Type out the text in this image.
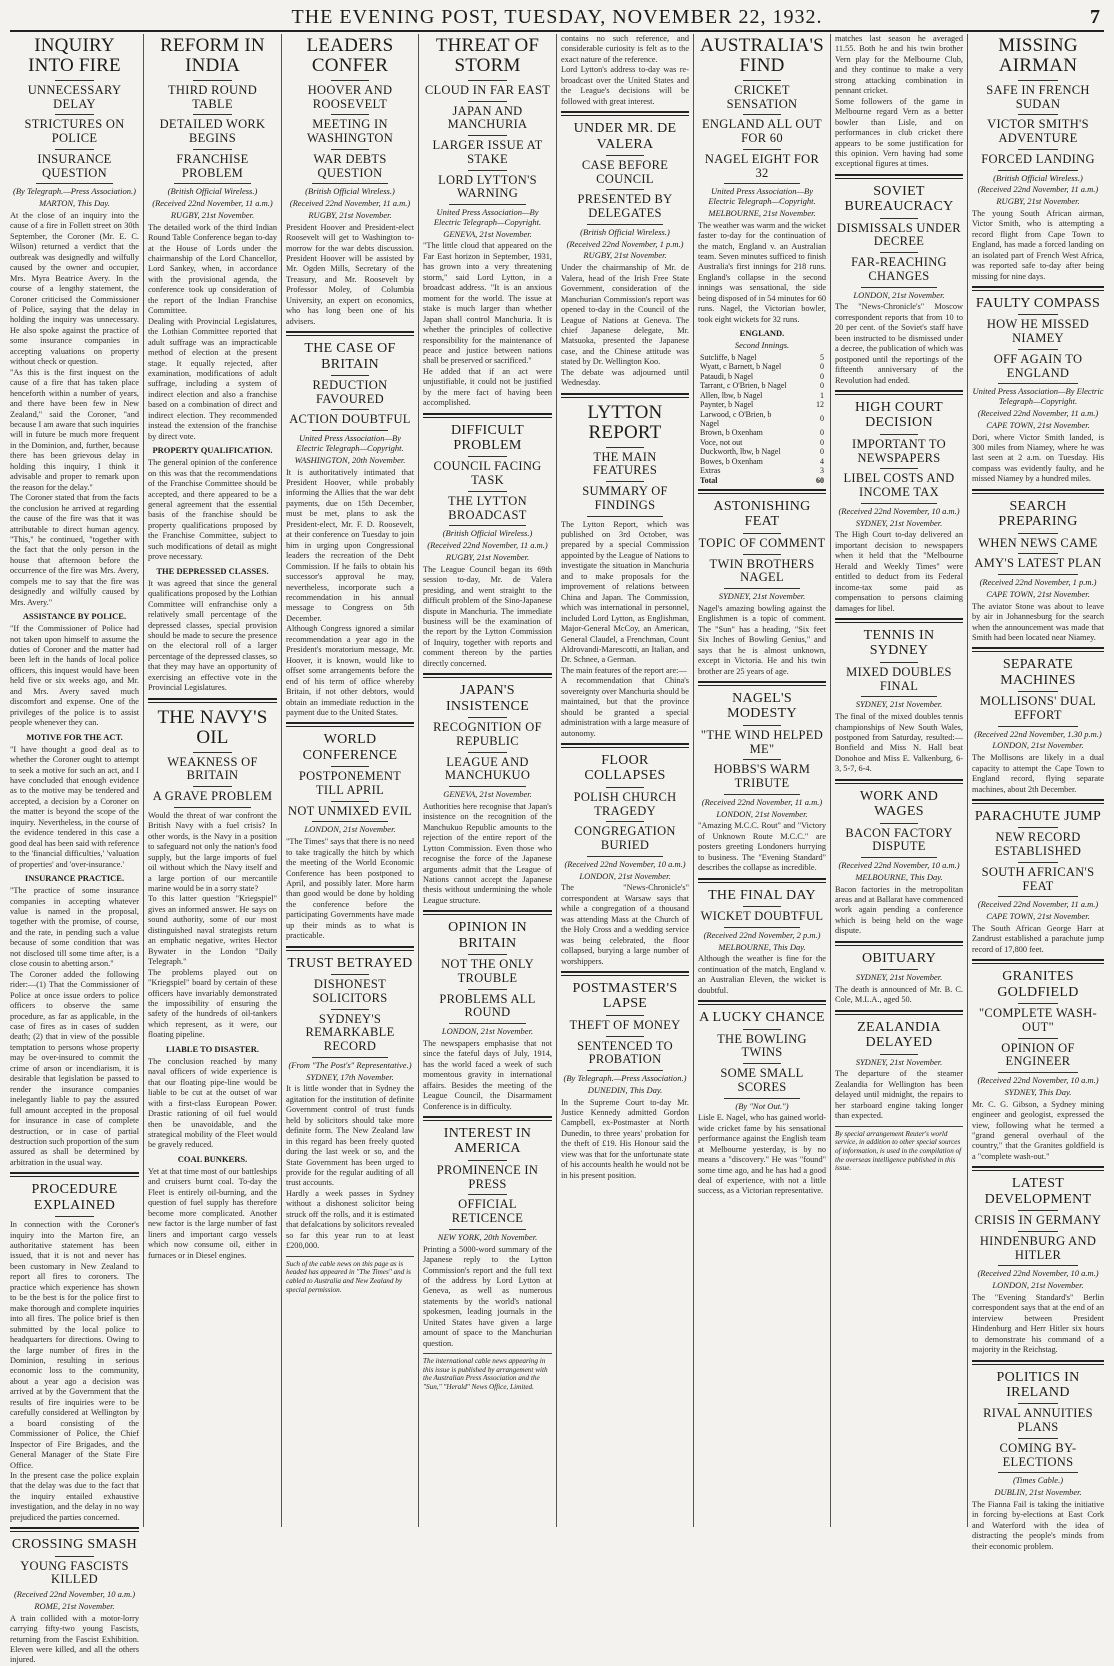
THE EVENING POST, TUESDAY, NOVEMBER 22, 1932.	7
INQUIRY INTO FIRE
UNNECESSARY DELAY
STRICTURES ON POLICE
INSURANCE QUESTION
(By Telegraph.—Press Association.)
MARTON, This Day.

At the close of an inquiry into the cause of a fire in Follett street on 30th September, the Coroner (Mr. E. C. Wilson) returned a verdict that the outbreak was designedly and wilfully caused by the owner and occupier, Mrs. Myra Beatrice Avery. In the course of a lengthy statement, the Coroner criticised the Commissioner of Police, saying that the delay in holding the inquiry was unnecessary. He also spoke against the practice of some insurance companies in accepting valuations on property without check or question.

"As this is the first inquest on the cause of a fire that has taken place henceforth within a number of years, and there have been few in New Zealand," said the Coroner, "and because I am aware that such inquiries will in future be much more frequent in the Dominion, and, further, because there has been grievous delay in holding this inquiry, I think it advisable and proper to remark upon the reason for the delay."

The Coroner stated that from the facts the conclusion he arrived at regarding the cause of the fire was that it was attributable to direct human agency. "This," he continued, "together with the fact that the only person in the house that afternoon before the occurrence of the fire was Mrs. Avery, compels me to say that the fire was designedly and wilfully caused by Mrs. Avery."

ASSISTANCE BY POLICE.

"If the Commissioner of Police had not taken upon himself to assume the duties of Coroner and the matter had been left in the hands of local police officers, this inquest would have been held five or six weeks ago, and Mr. and Mrs. Avery saved much discomfort and expense. One of the privileges of the police is to assist people whenever they can.

MOTIVE FOR THE ACT.

"I have thought a good deal as to whether the Coroner ought to attempt to seek a motive for such an act, and I have concluded that enough evidence as to the motive may be tendered and accepted, a decision by a Coroner on the matter is beyond the scope of the inquiry. Nevertheless, in the course of the evidence tendered in this case a good deal has been said with reference to the 'financial difficulties,' 'valuation of properties' and 'over-insurance.'

INSURANCE PRACTICE.

"The practice of some insurance companies in accepting whatever value is named in the proposal, together with the promise, of course, and the rate, in pending such a value because of some condition that was not disclosed till some time after, is a close cousin to abetting arson."

The Coroner added the following rider:—(1) That the Commissioner of Police at once issue orders to police officers to observe the same procedure, as far as applicable, in the case of fires as in cases of sudden death; (2) that in view of the possible temptation to persons whose property may be over-insured to commit the crime of arson or incendiarism, it is desirable that legislation be passed to render the insurance companies inelegantly liable to pay the assured full amount accepted in the proposal for insurance in case of complete destruction, or in case of partial destruction such proportion of the sum assured as shall be determined by arbitration in the usual way.

PROCEDURE EXPLAINED

In connection with the Coroner's inquiry into the Marton fire, an authoritative statement has been issued, that it is not and never has been customary in New Zealand to report all fires to coroners. The practice which experience has shown to be the best is for the police first to make thorough and complete inquiries into all fires. The police brief is then submitted by the local police to headquarters for directions. Owing to the large number of fires in the Dominion, resulting in serious economic loss to the community, about a year ago a decision was arrived at by the Government that the results of fire inquiries were to be carefully considered at Wellington by a board consisting of the Commissioner of Police, the Chief Inspector of Fire Brigades, and the General Manager of the State Fire Office.

In the present case the police explain that the delay was due to the fact that the inquiry entailed exhaustive investigation, and the delay in no way prejudiced the parties concerned.

CROSSING SMASH
YOUNG FASCISTS KILLED
(Received 22nd November, 10 a.m.)
ROME, 21st November.

A train collided with a motor-lorry carrying fifty-two young Fascists, returning from the Fascist Exhibition. Eleven were killed, and all the others injured.

REFORM IN INDIA
THIRD ROUND TABLE
DETAILED WORK BEGINS
FRANCHISE PROBLEM
(British Official Wireless.)
(Received 22nd November, 11 a.m.)
RUGBY, 21st November.

The detailed work of the third Indian Round Table Conference began to-day at the House of Lords under the chairmanship of the Lord Chancellor, Lord Sankey, when, in accordance with the provisional agenda, the conference took up consideration of the report of the Indian Franchise Committee.

Dealing with Provincial Legislatures, the Lothian Committee reported that adult suffrage was an impracticable method of election at the present stage. It equally rejected, after examination, modifications of adult suffrage, including a system of indirect election and also a franchise based on a combination of direct and indirect election. They recommended instead the extension of the franchise by direct vote.

PROPERTY QUALIFICATION.

The general opinion of the conference on this was that the recommendations of the Franchise Committee should be accepted, and there appeared to be a general agreement that the essential basis of the franchise should be property qualifications proposed by the Franchise Committee, subject to such modifications of detail as might prove necessary.

THE DEPRESSED CLASSES.

It was agreed that since the general qualifications proposed by the Lothian Committee will enfranchise only a relatively small percentage of the depressed classes, special provision should be made to secure the presence on the electoral roll of a larger percentage of the depressed classes, so that they may have an opportunity of exercising an effective vote in the Provincial Legislatures.

THE NAVY'S OIL
WEAKNESS OF BRITAIN
A GRAVE PROBLEM

Would the threat of war confront the British Navy with a fuel crisis? In other words, is the Navy in a position to safeguard not only the nation's food supply, but the large imports of fuel oil without which the Navy itself and a large portion of our mercantile marine would be in a sorry state?

To this latter question "Kriegspiel" gives an informed answer. He says on sound authority, some of our most distinguished naval strategists return an emphatic negative, writes Hector Bywater in the London "Daily Telegraph."

The problems played out on "Kriegspiel" board by certain of these officers have invariably demonstrated the impossibility of ensuring the safety of the hundreds of oil-tankers which represent, as it were, our floating pipeline.

LIABLE TO DISASTER.

The conclusion reached by many naval officers of wide experience is that our floating pipe-line would be liable to be cut at the outset of war with a first-class European Power. Drastic rationing of oil fuel would then be unavoidable, and the strategical mobility of the Fleet would be gravely reduced.

COAL BUNKERS.

Yet at that time most of our battleships and cruisers burnt coal. To-day the Fleet is entirely oil-burning, and the question of fuel supply has therefore become more complicated. Another new factor is the large number of fast liners and important cargo vessels which now consume oil, either in furnaces or in Diesel engines.

LEADERS CONFER
HOOVER AND ROOSEVELT
MEETING IN WASHINGTON
WAR DEBTS QUESTION
(British Official Wireless.)
(Received 22nd November, 11 a.m.)
RUGBY, 21st November.

President Hoover and President-elect Roosevelt will get to Washington to-morrow for the war debts discussion. President Hoover will be assisted by Mr. Ogden Mills, Secretary of the Treasury, and Mr. Roosevelt by Professor Moley, of Columbia University, an expert on economics, who has long been one of his advisers.

THE CASE OF BRITAIN
REDUCTION FAVOURED
ACTION DOUBTFUL
United Press Association—By Electric Telegraph—Copyright.
WASHINGTON, 20th November.

It is authoritatively intimated that President Hoover, while probably informing the Allies that the war debt payments, due on 15th December, must be met, plans to ask the President-elect, Mr. F. D. Roosevelt, at their conference on Tuesday to join him in urging upon Congressional leaders the recreation of the Debt Commission. If he fails to obtain his successor's approval he may, nevertheless, incorporate such a recommendation in his annual message to Congress on 5th December.

Although Congress ignored a similar recommendation a year ago in the President's moratorium message, Mr. Hoover, it is known, would like to offset some arrangements before the end of his term of office whereby Britain, if not other debtors, would obtain an immediate reduction in the payment due to the United States.

WORLD CONFERENCE
POSTPONEMENT TILL APRIL
NOT UNMIXED EVIL
LONDON, 21st November.

"The Times" says that there is no need to take tragically the hitch by which the meeting of the World Economic Conference has been postponed to April, and possibly later. More harm than good would be done by holding the conference before the participating Governments have made up their minds as to what is practicable.

TRUST BETRAYED
DISHONEST SOLICITORS
SYDNEY'S REMARKABLE RECORD
(From "The Post's" Representative.)
SYDNEY, 17th November.

It is little wonder that in Sydney the agitation for the institution of definite Government control of trust funds held by solicitors should take more definite form. The New Zealand law in this regard has been freely quoted during the last week or so, and the State Government has been urged to provide for the regular auditing of all trust accounts.

Hardly a week passes in Sydney without a dishonest solicitor being struck off the rolls, and it is estimated that defalcations by solicitors revealed so far this year run to at least £200,000.

Such of the cable news on this page as is headed has appeared in "The Times" and is cabled to Australia and New Zealand by special permission.
THREAT OF STORM
CLOUD IN FAR EAST
JAPAN AND MANCHURIA
LARGER ISSUE AT STAKE
LORD LYTTON'S WARNING
United Press Association—By Electric Telegraph—Copyright.
GENEVA, 21st November.

"The little cloud that appeared on the Far East horizon in September, 1931, has grown into a very threatening storm," said Lord Lytton, in a broadcast address. "It is an anxious moment for the world. The issue at stake is much larger than whether Japan shall control Manchuria. It is whether the principles of collective responsibility for the maintenance of peace and justice between nations shall be preserved or sacrificed."

He added that if an act were unjustifiable, it could not be justified by the mere fact of having been accomplished.

DIFFICULT PROBLEM
COUNCIL FACING TASK
THE LYTTON BROADCAST
(British Official Wireless.)
(Received 22nd November, 11 a.m.)
RUGBY, 21st November.

The League Council began its 69th session to-day, Mr. de Valera presiding, and went straight to the difficult problem of the Sino-Japanese dispute in Manchuria. The immediate business will be the examination of the report by the Lytton Commission of Inquiry, together with reports and comment thereon by the parties directly concerned.

JAPAN'S INSISTENCE
RECOGNITION OF REPUBLIC
LEAGUE AND MANCHUKUO
GENEVA, 21st November.

Authorities here recognise that Japan's insistence on the recognition of the Manchukuo Republic amounts to the rejection of the entire report of the Lytton Commission. Even those who recognise the force of the Japanese arguments admit that the League of Nations cannot accept the Japanese thesis without undermining the whole League structure.

OPINION IN BRITAIN
NOT THE ONLY TROUBLE
PROBLEMS ALL ROUND
LONDON, 21st November.

The newspapers emphasise that not since the fateful days of July, 1914, has the world faced a week of such momentous gravity in international affairs. Besides the meeting of the League Council, the Disarmament Conference is in difficulty.

INTEREST IN AMERICA
PROMINENCE IN PRESS
OFFICIAL RETICENCE
NEW YORK, 20th November.

Printing a 5000-word summary of the Japanese reply to the Lytton Commission's report and the full text of the address by Lord Lytton at Geneva, as well as numerous statements by the world's national spokesmen, leading journals in the United States have given a large amount of space to the Manchurian question.

The international cable news appearing in this issue is published by arrangement with the Australian Press Association and the "Sun," "Herald" News Office, Limited.

contains no such reference, and considerable curiosity is felt as to the exact nature of the reference.

Lord Lytton's address to-day was re-broadcast over the United States and the League's decisions will be followed with great interest.

UNDER MR. DE VALERA
CASE BEFORE COUNCIL
PRESENTED BY DELEGATES
(British Official Wireless.)
(Received 22nd November, 1 p.m.)
RUGBY, 21st November.

Under the chairmanship of Mr. de Valera, head of the Irish Free State Government, consideration of the Manchurian Commission's report was opened to-day in the Council of the League of Nations at Geneva. The chief Japanese delegate, Mr. Matsuoka, presented the Japanese case, and the Chinese attitude was stated by Dr. Wellington Koo.

The debate was adjourned until Wednesday.

LYTTON REPORT
THE MAIN FEATURES
SUMMARY OF FINDINGS

The Lytton Report, which was published on 3rd October, was prepared by a special Commission appointed by the League of Nations to investigate the situation in Manchuria and to make proposals for the improvement of relations between China and Japan. The Commission, which was international in personnel, included Lord Lytton, as Englishman, Major-General McCoy, an American, General Claudel, a Frenchman, Count Aldrovandi-Marescotti, an Italian, and Dr. Schnee, a German.

The main features of the report are:—

A recommendation that China's sovereignty over Manchuria should be maintained, but that the province should be granted a special administration with a large measure of autonomy.

FLOOR COLLAPSES
POLISH CHURCH TRAGEDY
CONGREGATION BURIED
(Received 22nd November, 10 a.m.)
LONDON, 21st November.

The "News-Chronicle's" correspondent at Warsaw says that while a congregation of a thousand was attending Mass at the Church of the Holy Cross and a wedding service was being celebrated, the floor collapsed, burying a large number of worshippers.

POSTMASTER'S LAPSE
THEFT OF MONEY
SENTENCED TO PROBATION
(By Telegraph.—Press Association.)
DUNEDIN, This Day.

In the Supreme Court to-day Mr. Justice Kennedy admitted Gordon Campbell, ex-Postmaster at North Dunedin, to three years' probation for the theft of £19. His Honour said the view was that for the unfortunate state of his accounts health he would not be in his present position.

AUSTRALIA'S FIND
CRICKET SENSATION
ENGLAND ALL OUT FOR 60
NAGEL EIGHT FOR 32
United Press Association—By Electric Telegraph—Copyright.
MELBOURNE, 21st November.

The weather was warm and the wicket faster to-day for the continuation of the match, England v. an Australian team. Seven minutes sufficed to finish Australia's first innings for 218 runs. England's collapse in the second innings was sensational, the side being disposed of in 54 minutes for 60 runs. Nagel, the Victorian bowler, took eight wickets for 32 runs.

ENGLAND.
Second Innings.
Sutcliffe, b Nagel	5
Wyatt, c Barnett, b Nagel	0
Pataudi, b Nagel	0
Tarrant, c O'Brien, b Nagel	0
Allen, lbw, b Nagel	1
Paynter, b Nagel	12
Larwood, c O'Brien, b Nagel	0
Brown, b Oxenham	0
Voce, not out	0
Duckworth, lbw, b Nagel	0
Bowes, b Oxenham	4
Extras	3
Total	60
ASTONISHING FEAT
TOPIC OF COMMENT
TWIN BROTHERS NAGEL
SYDNEY, 21st November.

Nagel's amazing bowling against the Englishmen is a topic of comment. The "Sun" has a heading, "Six feet Six Inches of Bowling Genius," and says that he is almost unknown, except in Victoria. He and his twin brother are 25 years of age.

NAGEL'S MODESTY
"THE WIND HELPED ME"
HOBBS'S WARM TRIBUTE
(Received 22nd November, 11 a.m.)
LONDON, 21st November.

"Amazing M.C.C. Rout" and "Victory of Unknown Route M.C.C." are posters greeting Londoners hurrying to business. The "Evening Standard" describes the collapse as incredible.

THE FINAL DAY
WICKET DOUBTFUL
(Received 22nd November, 2 p.m.)
MELBOURNE, This Day.

Although the weather is fine for the continuation of the match, England v. an Australian Eleven, the wicket is doubtful.

A LUCKY CHANCE
THE BOWLING TWINS
SOME SMALL SCORES
(By "Not Out.")

Lisle E. Nagel, who has gained world-wide cricket fame by his sensational performance against the English team at Melbourne yesterday, is by no means a "discovery." He was "found" some time ago, and he has had a good deal of experience, with not a little success, as a Victorian representative.

matches last season he averaged 11.55. Both he and his twin brother Vern play for the Melbourne Club, and they continue to make a very strong attacking combination in pennant cricket.

Some followers of the game in Melbourne regard Vern as a better bowler than Lisle, and on performances in club cricket there appears to be some justification for this opinion. Vern having had some exceptional figures at times.

SOVIET BUREAUCRACY
DISMISSALS UNDER DECREE
FAR-REACHING CHANGES
LONDON, 21st November.

The "News-Chronicle's" Moscow correspondent reports that from 10 to 20 per cent. of the Soviet's staff have been instructed to be dismissed under a decree, the publication of which was postponed until the reportings of the fifteenth anniversary of the Revolution had ended.

HIGH COURT DECISION
IMPORTANT TO NEWSPAPERS
LIBEL COSTS AND INCOME TAX
(Received 22nd November, 10 a.m.)
SYDNEY, 21st November.

The High Court to-day delivered an important decision to newspapers when it held that the "Melbourne Herald and Weekly Times" were entitled to deduct from its Federal income-tax some paid as compensation to persons claiming damages for libel.

TENNIS IN SYDNEY
MIXED DOUBLES FINAL
SYDNEY, 21st November.

The final of the mixed doubles tennis championships of New South Wales, postponed from Saturday, resulted:—Bonfield and Miss N. Hall beat Donohoe and Miss E. Valkenburg, 6-3, 5-7, 6-4.

WORK AND WAGES
BACON FACTORY DISPUTE
(Received 22nd November, 10 a.m.)
MELBOURNE, This Day.

Bacon factories in the metropolitan areas and at Ballarat have commenced work again pending a conference which is being held on the wage dispute.

OBITUARY
SYDNEY, 21st November.

The death is announced of Mr. B. C. Cole, M.L.A., aged 50.

ZEALANDIA DELAYED
SYDNEY, 21st November.

The departure of the steamer Zealandia for Wellington has been delayed until midnight, the repairs to her starboard engine taking longer than expected.

By special arrangement Reuter's world service, in addition to other special sources of information, is used in the compilation of the overseas intelligence published in this issue.
MISSING AIRMAN
SAFE IN FRENCH SUDAN
VICTOR SMITH'S ADVENTURE
FORCED LANDING
(British Official Wireless.)
(Received 22nd November, 11 a.m.)
RUGBY, 21st November.

The young South African airman, Victor Smith, who is attempting a record flight from Cape Town to England, has made a forced landing on an isolated part of French West Africa, was reported safe to-day after being missing for nine days.

FAULTY COMPASS
HOW HE MISSED NIAMEY
OFF AGAIN TO ENGLAND
United Press Association—By Electric Telegraph—Copyright.
(Received 22nd November, 11 a.m.)
CAPE TOWN, 21st November.

Dori, where Victor Smith landed, is 300 miles from Niamey, where he was last seen at 2 a.m. on Tuesday. His compass was evidently faulty, and he missed Niamey by a hundred miles.

SEARCH PREPARING
WHEN NEWS CAME
AMY'S LATEST PLAN
(Received 22nd November, 1 p.m.)
CAPE TOWN, 21st November.

The aviator Stone was about to leave by air in Johannesburg for the search when the announcement was made that Smith had been located near Niamey.

SEPARATE MACHINES
MOLLISONS' DUAL EFFORT
(Received 22nd November, 1.30 p.m.)
LONDON, 21st November.

The Mollisons are likely in a dual capacity to attempt the Cape Town to England record, flying separate machines, about 2th December.

PARACHUTE JUMP
NEW RECORD ESTABLISHED
SOUTH AFRICAN'S FEAT
(Received 22nd November, 11 a.m.)
CAPE TOWN, 21st November.

The South African George Harr at Zandrust established a parachute jump record of 17,800 feet.

GRANITES GOLDFIELD
"COMPLETE WASH-OUT"
OPINION OF ENGINEER
(Received 22nd November, 10 a.m.)
SYDNEY, This Day.

Mr. C. G. Gibson, a Sydney mining engineer and geologist, expressed the view, following what he termed a "grand general overhaul of the country," that the Granites goldfield is a "complete wash-out."

LATEST DEVELOPMENT
CRISIS IN GERMANY
HINDENBURG AND HITLER
(Received 22nd November, 10 a.m.)
LONDON, 21st November.

The "Evening Standard's" Berlin correspondent says that at the end of an interview between President Hindenburg and Herr Hitler six hours to demonstrate his command of a majority in the Reichstag.

POLITICS IN IRELAND
RIVAL ANNUITIES PLANS
COMING BY-ELECTIONS
(Times Cable.)
DUBLIN, 21st November.

The Fianna Fail is taking the initiative in forcing by-elections at East Cork and Waterford with the idea of distracting the people's minds from their economic problem.
